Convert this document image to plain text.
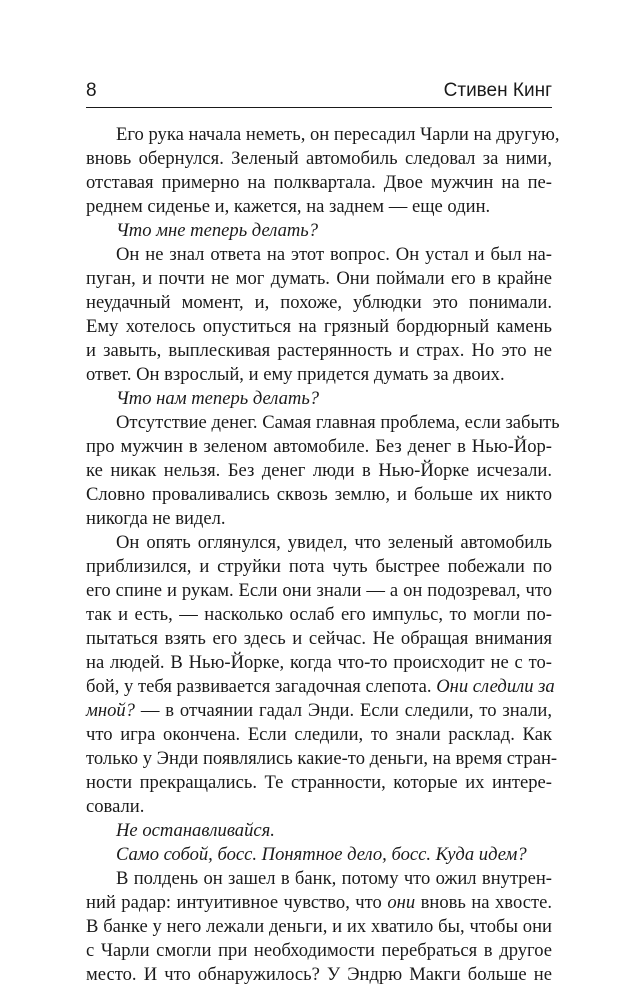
8	Стивен Кинг
Его рука начала неметь, он пересадил Чарли на другую,
вновь обернулся. Зеленый автомобиль следовал за ними,
отставая примерно на полквартала. Двое мужчин на пе-
реднем сиденье и, кажется, на заднем — еще один.
Что мне теперь делать?
Он не знал ответа на этот вопрос. Он устал и был на-
пуган, и почти не мог думать. Они поймали его в крайне
неудачный момент, и, похоже, ублюдки это понимали.
Ему хотелось опуститься на грязный бордюрный камень
и завыть, выплескивая растерянность и страх. Но это не
ответ. Он взрослый, и ему придется думать за двоих.
Что нам теперь делать?
Отсутствие денег. Самая главная проблема, если забыть
про мужчин в зеленом автомобиле. Без денег в Нью-Йор-
ке никак нельзя. Без денег люди в Нью-Йорке исчезали.
Словно проваливались сквозь землю, и больше их никто
никогда не видел.
Он опять оглянулся, увидел, что зеленый автомобиль
приблизился, и струйки пота чуть быстрее побежали по
его спине и рукам. Если они знали — а он подозревал, что
так и есть, — насколько ослаб его импульс, то могли по-
пытаться взять его здесь и сейчас. Не обращая внимания
на людей. В Нью-Йорке, когда что-то происходит не с то-
бой, у тебя развивается загадочная слепота. Они следили за
мной? — в отчаянии гадал Энди. Если следили, то знали,
что игра окончена. Если следили, то знали расклад. Как
только у Энди появлялись какие-то деньги, на время стран-
ности прекращались. Те странности, которые их интере-
совали.
Не останавливайся.
Само собой, босс. Понятное дело, босс. Куда идем?
В полдень он зашел в банк, потому что ожил внутрен-
ний радар: интуитивное чувство, что они вновь на хвосте.
В банке у него лежали деньги, и их хватило бы, чтобы они
с Чарли смогли при необходимости перебраться в другое
место. И что обнаружилось? У Эндрю Макги больше не
